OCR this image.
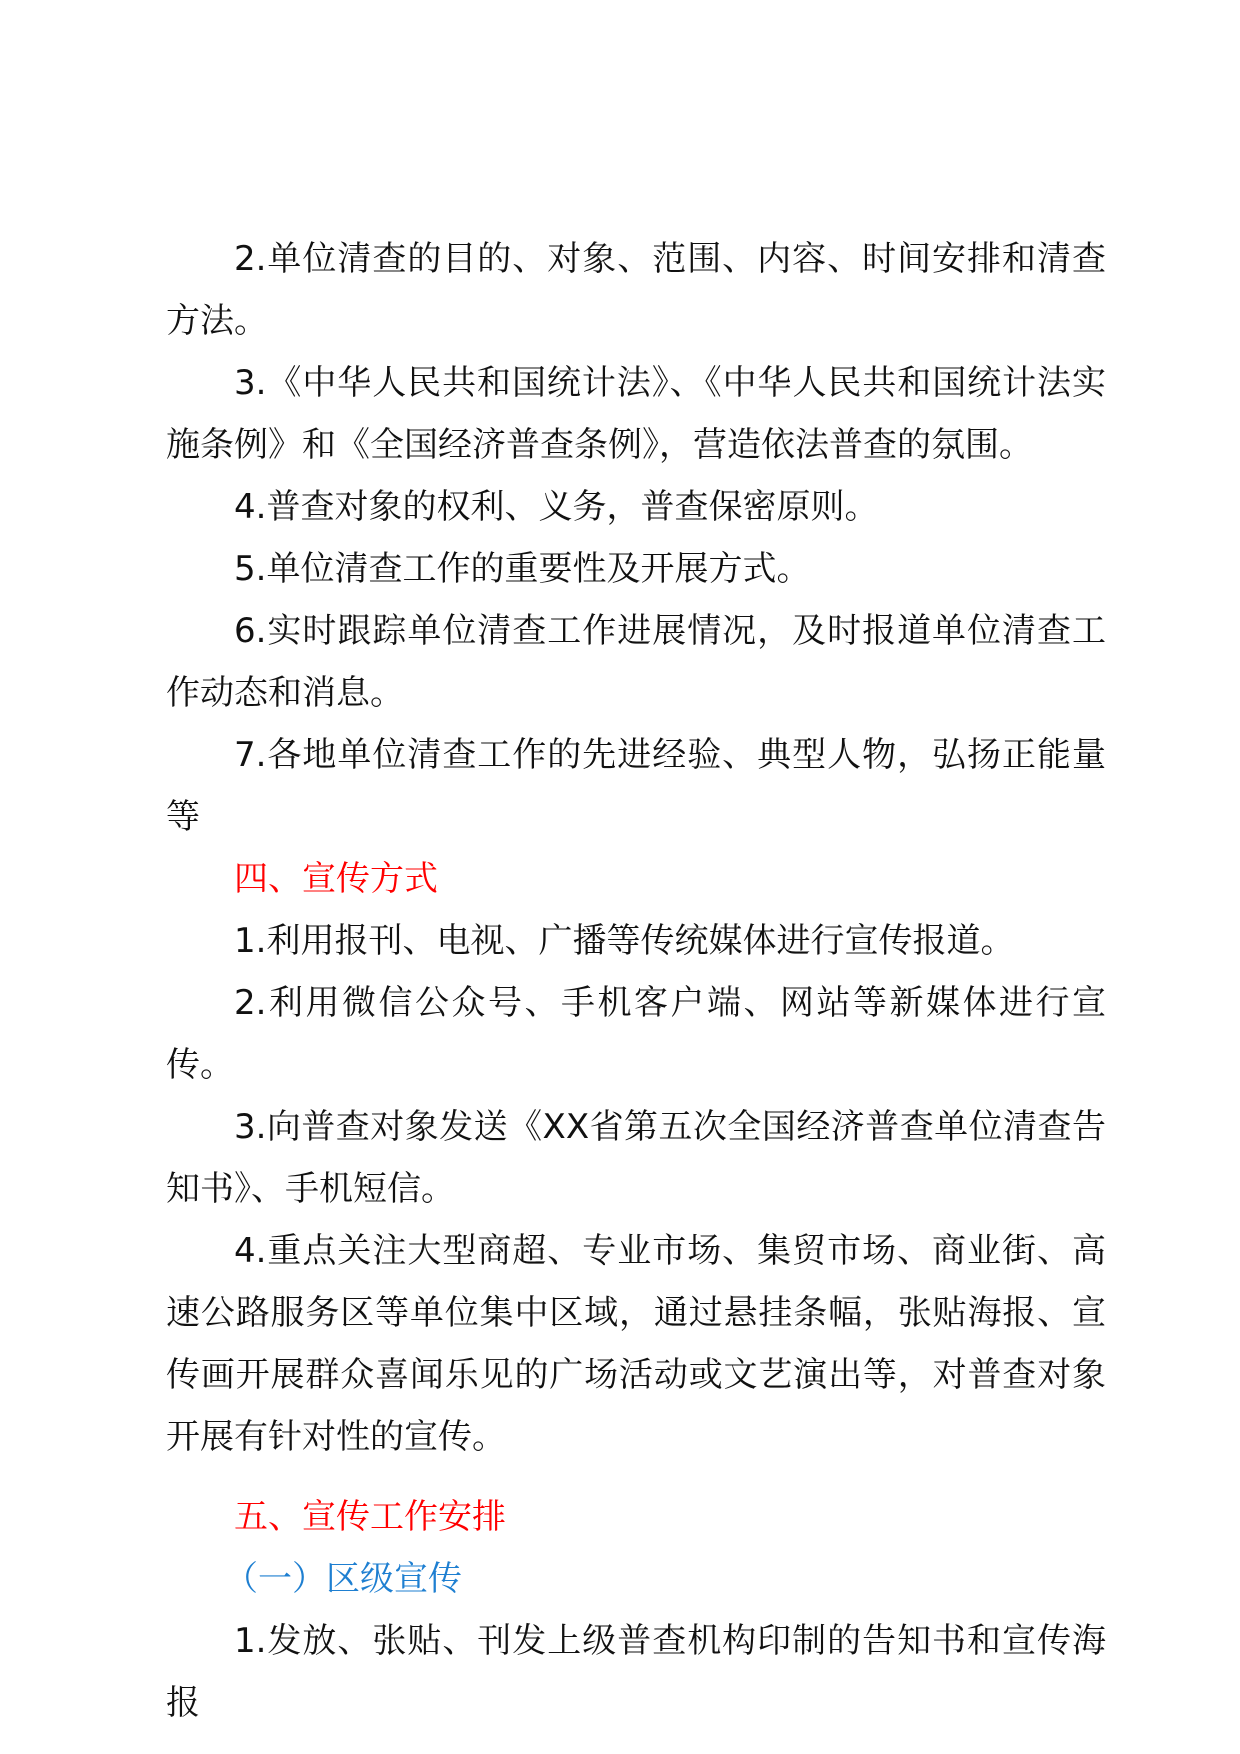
2.单位清查的目的、对象、范围、内容、时间安排和清查方法。

3.《中华人民共和国统计法》、《中华人民共和国统计法实施条例》和《全国经济普查条例》，营造依法普查的氛围。

4.普查对象的权利、义务，普查保密原则。

5.单位清查工作的重要性及开展方式。

6.实时跟踪单位清查工作进展情况，及时报道单位清查工作动态和消息。

7.各地单位清查工作的先进经验、典型人物，弘扬正能量等

四、宣传方式

1.利用报刊、电视、广播等传统媒体进行宣传报道。

2.利用微信公众号、手机客户端、网站等新媒体进行宣传。

3.向普查对象发送《XX省第五次全国经济普查单位清查告知书》、手机短信。

4.重点关注大型商超、专业市场、集贸市场、商业街、高速公路服务区等单位集中区域，通过悬挂条幅，张贴海报、宣传画开展群众喜闻乐见的广场活动或文艺演出等，对普查对象开展有针对性的宣传。

五、宣传工作安排

（一）区级宣传

1.发放、张贴、刊发上级普查机构印制的告知书和宣传海报
